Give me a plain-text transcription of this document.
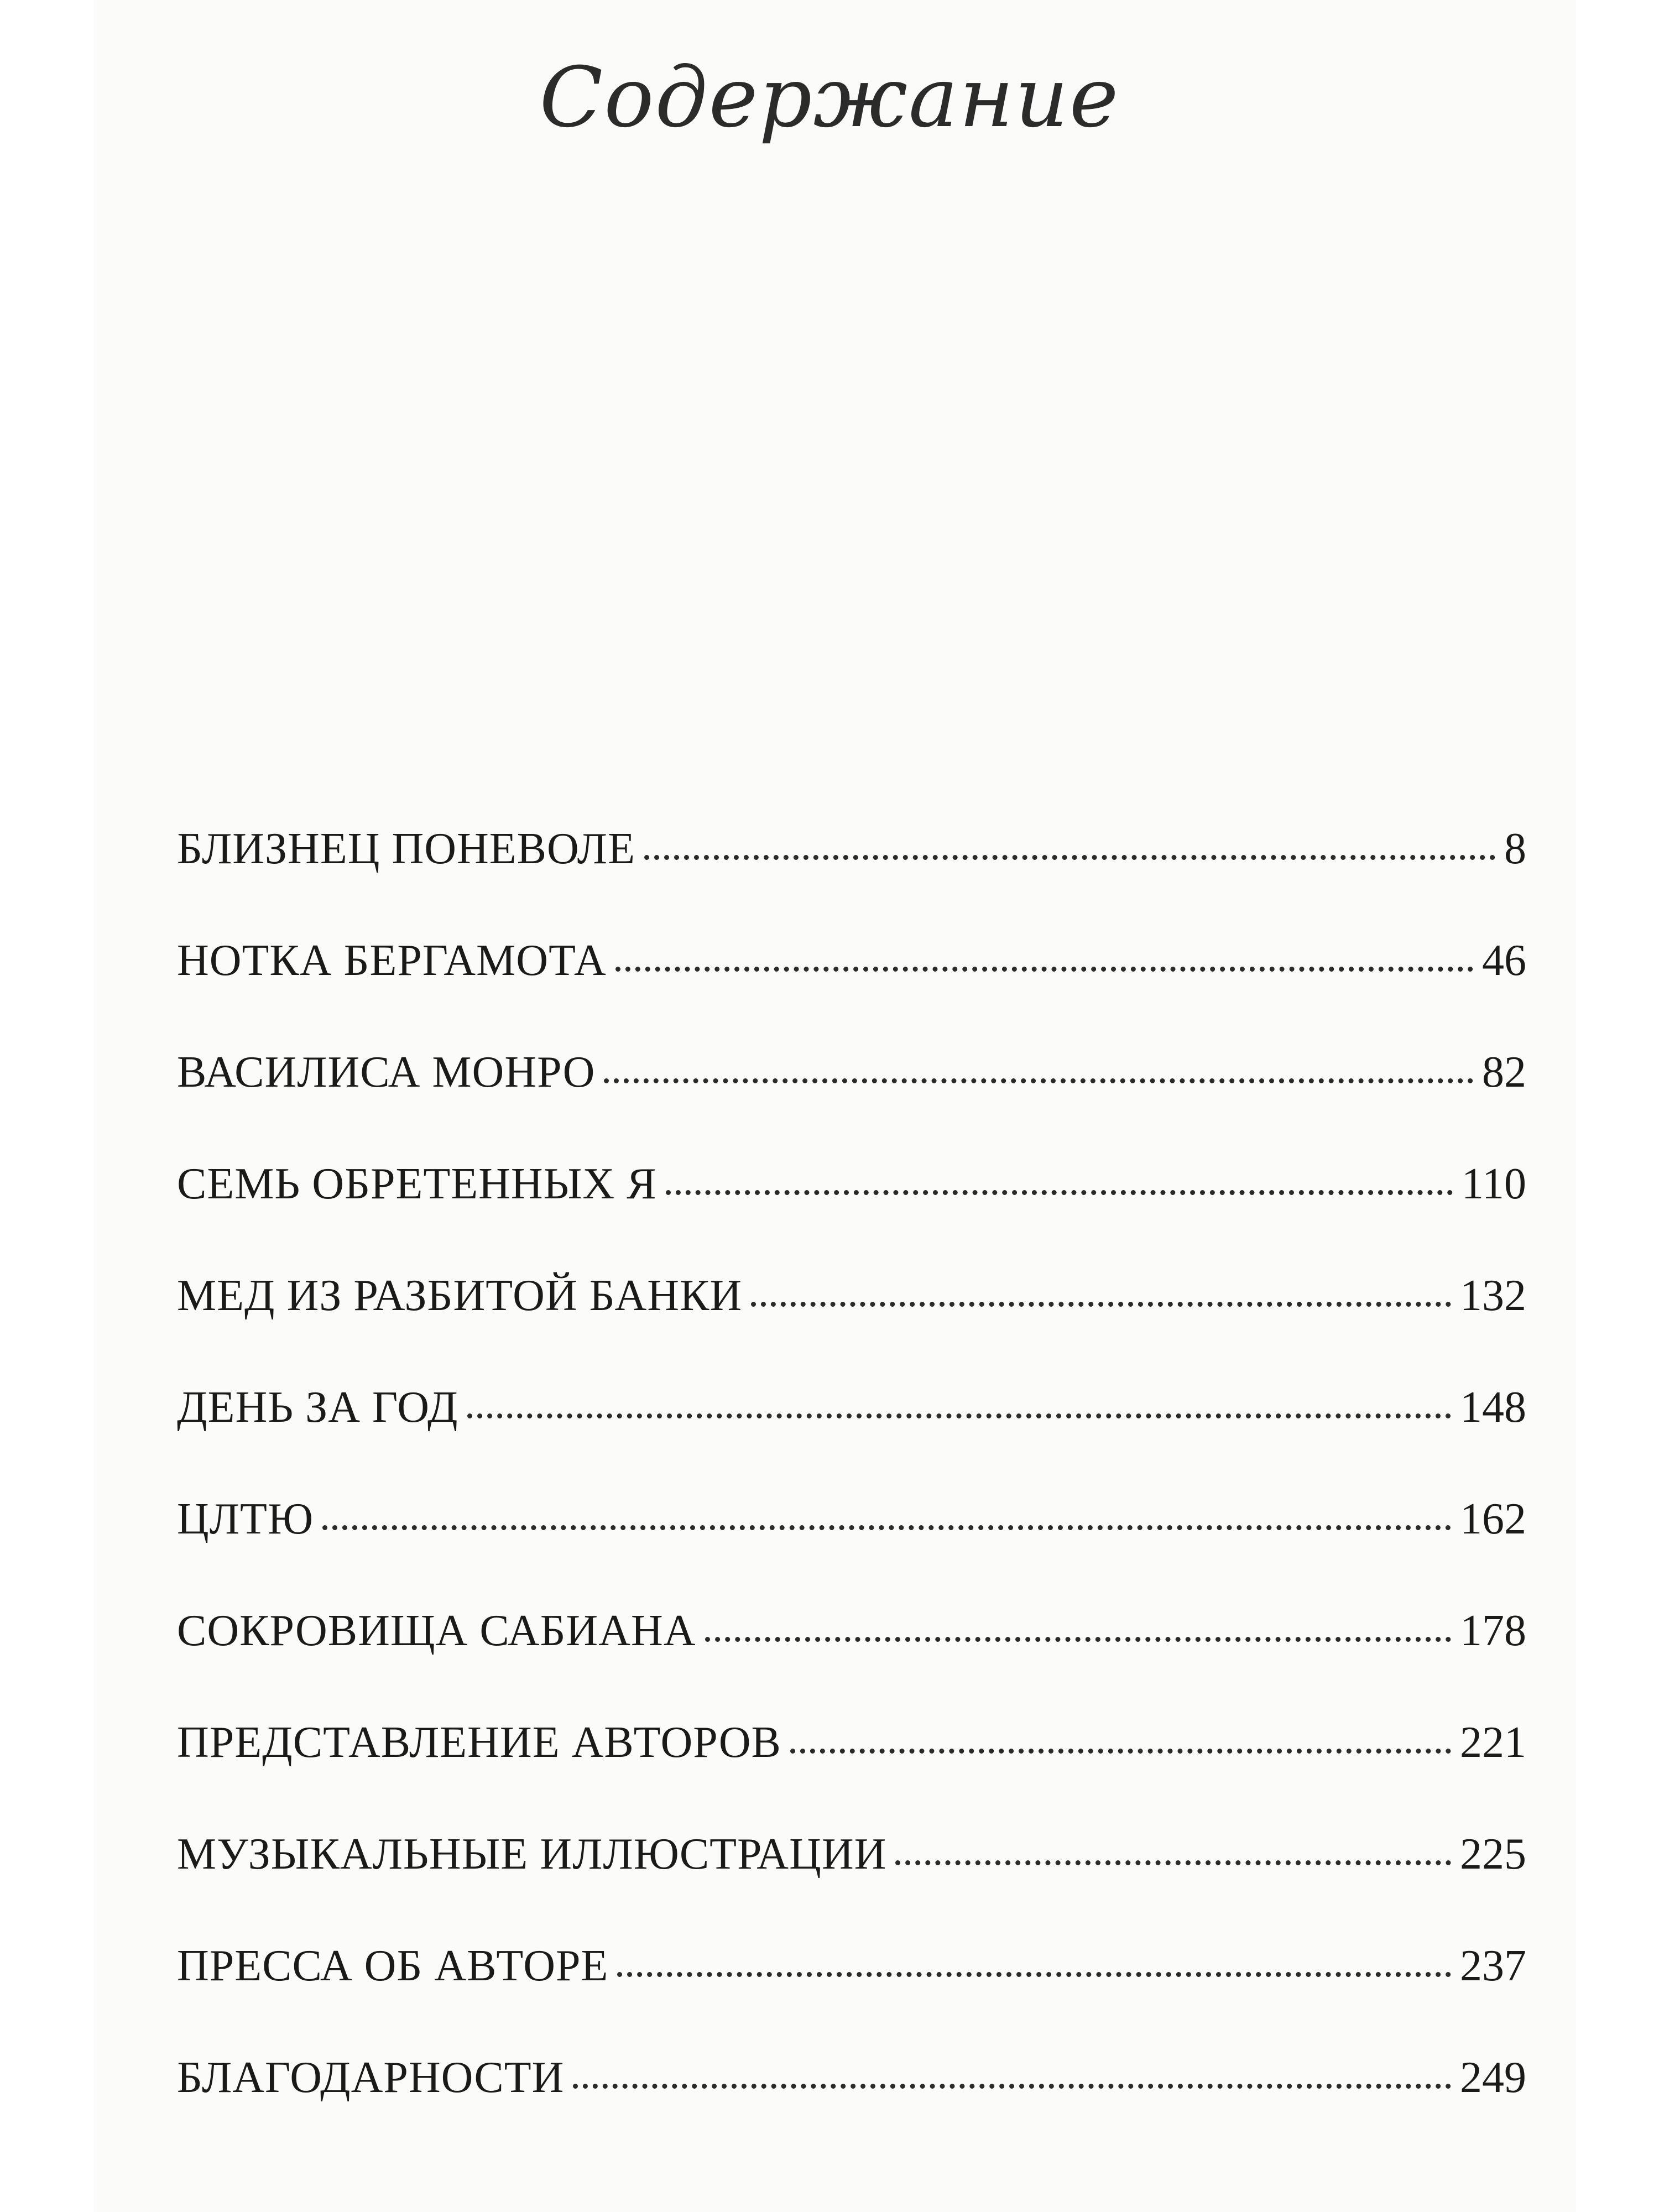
Содержание
БЛИЗНЕЦ ПОНЕВОЛЕ	8
НОТКА БЕРГАМОТА	46
ВАСИЛИСА МОНРО	82
СЕМЬ ОБРЕТЕННЫХ Я	110
МЕД ИЗ РАЗБИТОЙ БАНКИ	132
ДЕНЬ ЗА ГОД	148
ЦЛТЮ	162
СОКРОВИЩА САБИАНА	178
ПРЕДСТАВЛЕНИЕ АВТОРОВ	221
МУЗЫКАЛЬНЫЕ ИЛЛЮСТРАЦИИ	225
ПРЕССА ОБ АВТОРЕ	237
БЛАГОДАРНОСТИ	249
